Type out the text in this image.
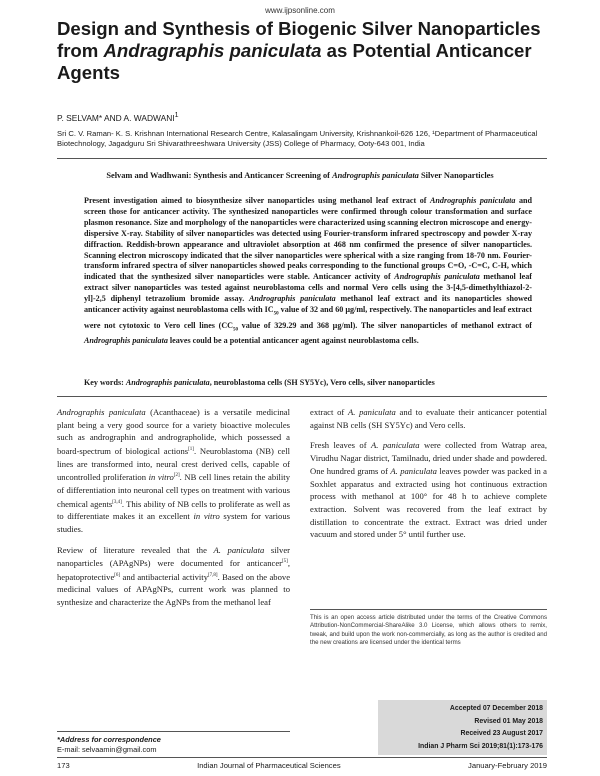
www.ijpsonline.com
Design and Synthesis of Biogenic Silver Nanoparticles from Andragraphis paniculata as Potential Anticancer Agents
P. SELVAM* AND A. WADWANI$^1$
Sri C. V. Raman- K. S. Krishnan International Research Centre, Kalasalingam University, Krishnankoil-626 126, ¹Department of Pharmaceutical Biotechnology, Jagadguru Sri Shivarathreeshwara University (JSS) College of Pharmacy, Ooty-643 001, India
Selvam and Wadhwani: Synthesis and Anticancer Screening of Andrographis paniculata Silver Nanoparticles
Present investigation aimed to biosynthesize silver nanoparticles using methanol leaf extract of Andrographis paniculata and screen those for anticancer activity. The synthesized nanoparticles were confirmed through colour transformation and surface plasmon resonance. Size and morphology of the nanoparticles were characterized using scanning electron microscope and energy-dispersive X-ray. Stability of silver nanoparticles was detected using Fourier-transform infrared spectroscopy and powder X-ray diffraction. Reddish-brown appearance and ultraviolet absorption at 468 nm confirmed the presence of silver nanoparticles. Scanning electron microscopy indicated that the silver nanoparticles were spherical with a size ranging from 18-70 nm. Fourier-transform infrared spectra of silver nanoparticles showed peaks corresponding to the functional groups C=O, -C=C, C-H, which indicated that the synthesized silver nanoparticles were stable. Anticancer activity of Andrographis paniculata methanol leaf extract silver nanoparticles was tested against neuroblastoma cells and normal Vero cells using the 3-[4,5-dimethylthiazol-2-yl]-2,5 diphenyl tetrazolium bromide assay. Andrographis paniculata methanol leaf extract and its nanoparticles showed anticancer activity against neuroblastoma cells with $IC_{50}$ value of 32 and 60 µg/ml, respectively. The nanoparticles and leaf extract were not cytotoxic to Vero cell lines ($CC_{50}$ value of 329.29 and 368 µg/ml). The silver nanoparticles of methanol extract of Andrographis paniculata leaves could be a potential anticancer agent against neuroblastoma cells.
Key words: Andrographis paniculata, neuroblastoma cells (SH SY5Yc), Vero cells, silver nanoparticles

Andrographis paniculata (Acanthaceae) is a versatile medicinal plant being a very good source for a variety bioactive molecules such as andrographin and andrographolide, which possessed a board-spectrum of biological actions[1]. Neuroblastoma (NB) cell lines are transformed into, neural crest derived cells, capable of uncontrolled proliferation in vitro[2]. NB cell lines retain the ability of differentiation into neuronal cell types on treatment with various chemical agents[3,4]. This ability of NB cells to proliferate as well as to differentiate makes it an excellent in vitro system for various studies.

Review of literature revealed that the A. paniculata silver nanoparticles (APAgNPs) were documented for anticancer[5], hepatoprotective[6] and antibacterial activity[7,8]. Based on the above medicinal values of APAgNPs, current work was planned to synthesize and characterize the AgNPs from the methanol leaf

extract of A. paniculata and to evaluate their anticancer potential against NB cells (SH SY5Yc) and Vero cells.

Fresh leaves of A. paniculata were collected from Watrap area, Virudhu Nagar district, Tamilnadu, dried under shade and powdered. One hundred grams of A. paniculata leaves powder was packed in a Soxhlet apparatus and extracted using hot continuous extraction process with methanol at 100° for 48 h to achieve complete extraction. Solvent was recovered from the leaf extract by distillation to concentrate the extract. Extract was dried under vacuum and stored under 5° until further use.

This is an open access article distributed under the terms of the Creative Commons Attribution-NonCommercial-ShareAlike 3.0 License, which allows others to remix, tweak, and build upon the work non-commercially, as long as the author is credited and the new creations are licensed under the identical terms
Accepted 07 December 2018
Revised 01 May 2018
Received 23 August 2017
Indian J Pharm Sci 2019;81(1):173-176
*Address for correspondence
E-mail: selvaamin@gmail.com
173	Indian Journal of Pharmaceutical Sciences	January-February 2019
